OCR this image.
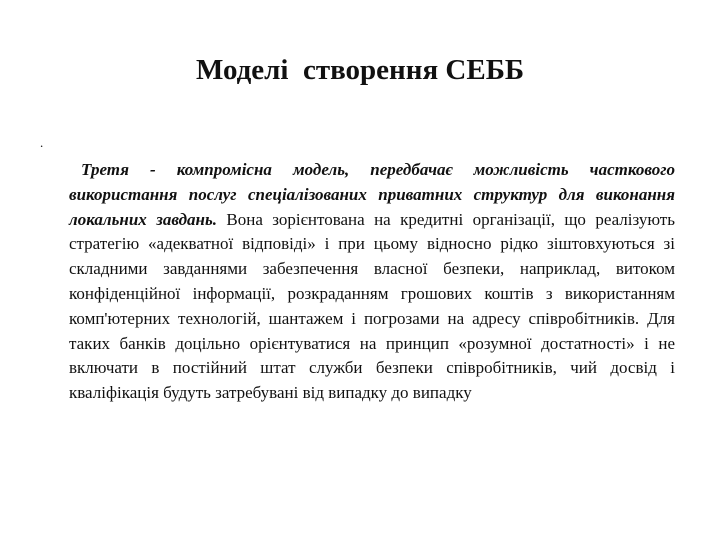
Моделі  створення СЕББ
.
Третя - компромісна модель, передбачає можливість часткового використання послуг спеціалізованих приватних структур для виконання локальних завдань. Вона зорієнтована на кредитні організації, що реалізують стратегію «адекватної відповіді» і при цьому відносно рідко зіштовхуються зі складними завданнями забезпечення власної безпеки, наприклад, витоком конфіденційної інформації, розкраданням грошових коштів з використанням комп'ютерних технологій, шантажем і погрозами на адресу співробітників. Для таких банків доцільно орієнтуватися на принцип «розумної достатності» і не включати в постійний штат служби безпеки співробітників, чий досвід і кваліфікація будуть затребувані від випадку до випадку
